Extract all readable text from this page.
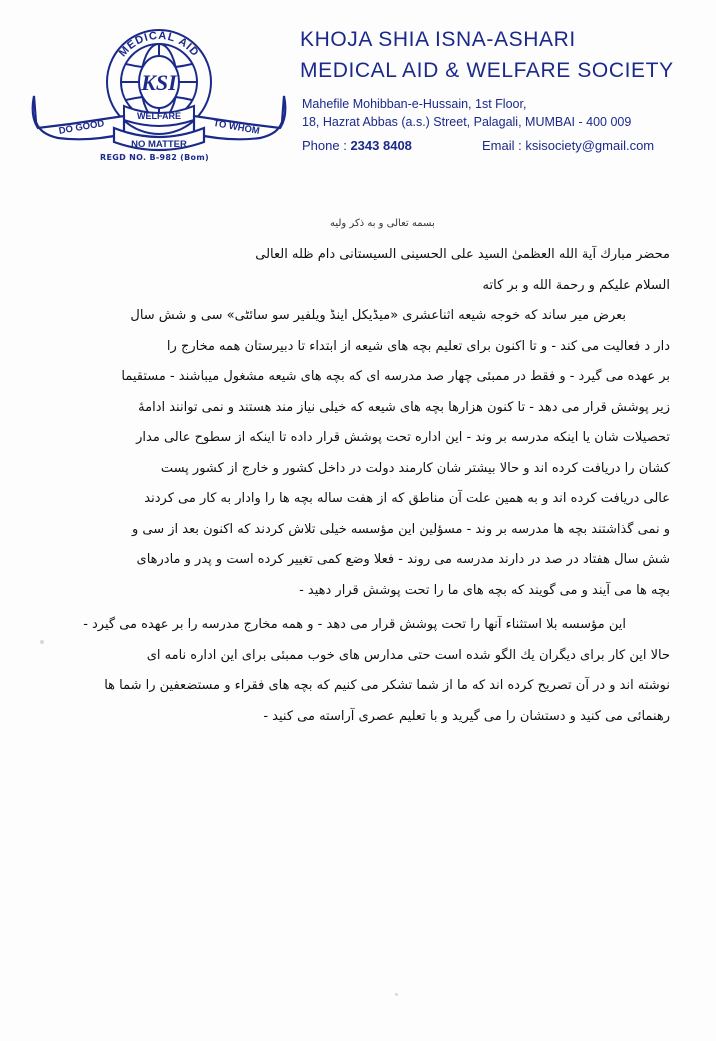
MEDICAL AID
KSI
WELFARE
DO GOOD	TO WHOM
NO MATTER
REGD NO. B-982 (Bom)
KHOJA SHIA ISNA-ASHARI
MEDICAL AID & WELFARE SOCIETY
Mahefile Mohibban-e-Hussain, 1st Floor,
18, Hazrat Abbas (a.s.) Street, Palagali, MUMBAI - 400 009
Phone : 2343 8408	Email : ksisociety@gmail.com
بسمه تعالی و به ذکر ولیه
محضر مبارك آية الله العظمیٰ السيد علی الحسينی السيستانی دام ظله العالی
السلام عليكم و رحمة الله و بر كاته
بعرض مير ساند كه خوجه شيعه اثناعشری «ميڈيكل اينڈ ويلفير سو سائٹی» سی و شش سال
دار د فعاليت می كند - و تا اكنون برای تعليم بچه های شيعه از ابتداء تا دبيرستان همه مخارج را
بر عهده می گيرد - و فقط در ممبئی چهار صد مدرسه ای كه بچه های شيعه مشغول ميباشند - مستقيما
زير پوشش قرار می دهد - تا كنون هزارها بچه های شيعه كه خيلی نياز مند هستند و نمی توانند ادامهٔ
تحصيلات شان يا اينكه مدرسه بر وند - اين اداره تحت پوشش قرار داده تا اينكه از سطوح عالی مدار
كشان را دريافت كرده اند و حالا بيشتر شان كارمند دولت در داخل كشور و خارج از كشور پست
عالی دريافت كرده اند و به همين علت آن مناطق كه از هفت ساله بچه ها را وادار به كار می كردند
و نمی گذاشتند بچه ها مدرسه بر وند - مسؤلين اين مؤسسه خيلی تلاش كردند كه اكنون بعد از سی و
شش سال هفتاد در صد در دارند مدرسه می روند - فعلا وضع كمی تغيير كرده است و پدر و مادرهای
بچه ها می آيند و می گويند كه بچه های ما را تحت پوشش قرار دهيد -
اين مؤسسه بلا استثناء آنها را تحت پوشش قرار می دهد - و همه مخارج مدرسه را بر عهده می گيرد -
حالا اين كار برای ديگران يك الگو شده است حتی مدارس های خوب ممبئی برای اين اداره نامه ای
نوشته اند و در آن تصريح كرده اند كه ما از شما تشكر می كنيم كه بچه های فقراء و مستضعفين را شما ها
رهنمائی می كنيد و دستشان را می گيريد و با تعليم عصری آراسته می كنيد -
